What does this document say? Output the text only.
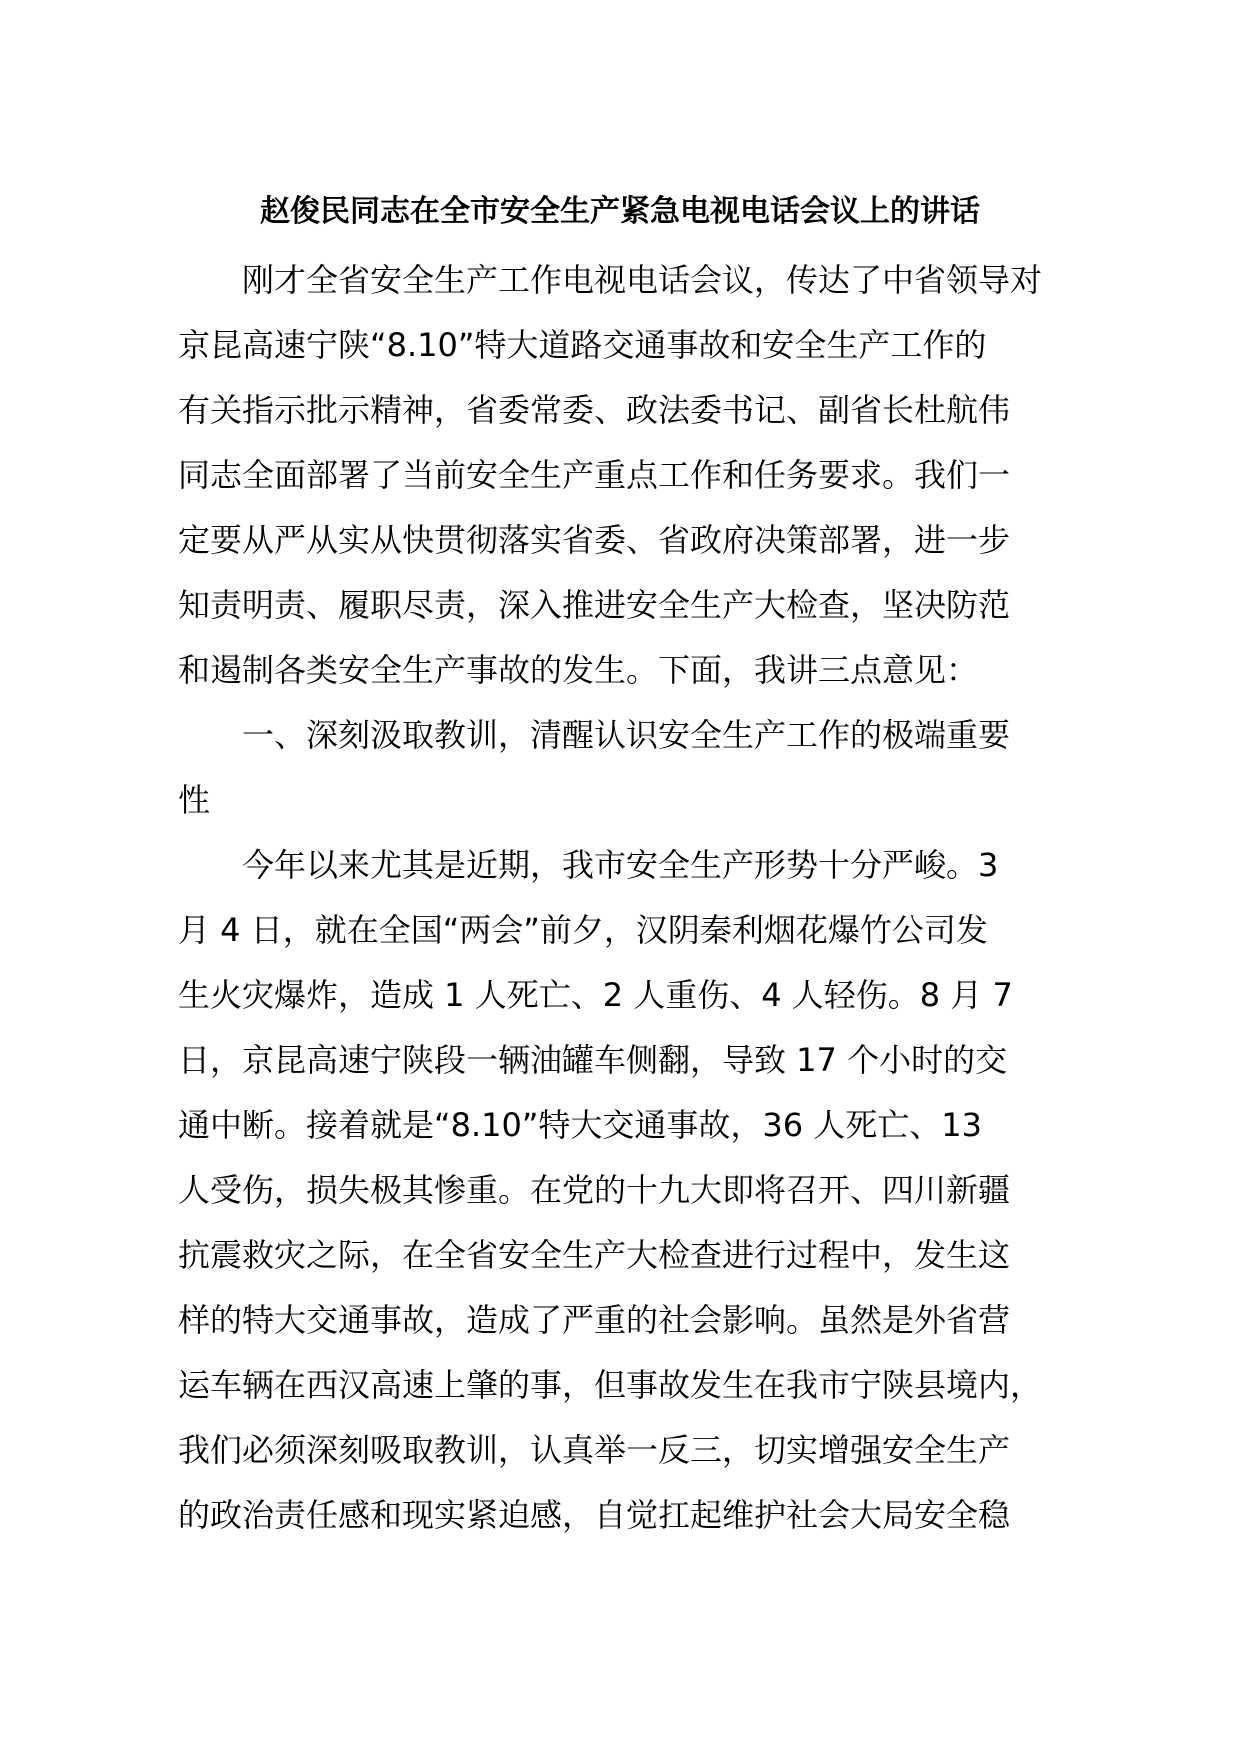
赵俊民同志在全市安全生产紧急电视电话会议上的讲话
　　刚才全省安全生产工作电视电话会议，传达了中省领导对
京昆高速宁陕“8.10”特大道路交通事故和安全生产工作的
有关指示批示精神，省委常委、政法委书记、副省长杜航伟
同志全面部署了当前安全生产重点工作和任务要求。我们一
定要从严从实从快贯彻落实省委、省政府决策部署，进一步
知责明责、履职尽责，深入推进安全生产大检查，坚决防范
和遏制各类安全生产事故的发生。下面，我讲三点意见：
　　一、深刻汲取教训，清醒认识安全生产工作的极端重要
性
　　今年以来尤其是近期，我市安全生产形势十分严峻。3
月 4 日，就在全国“两会”前夕，汉阴秦利烟花爆竹公司发
生火灾爆炸，造成 1 人死亡、2 人重伤、4 人轻伤。8 月 7
日，京昆高速宁陕段一辆油罐车侧翻，导致 17 个小时的交
通中断。接着就是“8.10”特大交通事故，36 人死亡、13
人受伤，损失极其惨重。在党的十九大即将召开、四川新疆
抗震救灾之际，在全省安全生产大检查进行过程中，发生这
样的特大交通事故，造成了严重的社会影响。虽然是外省营
运车辆在西汉高速上肇的事，但事故发生在我市宁陕县境内，
我们必须深刻吸取教训，认真举一反三，切实增强安全生产
的政治责任感和现实紧迫感，自觉扛起维护社会大局安全稳
